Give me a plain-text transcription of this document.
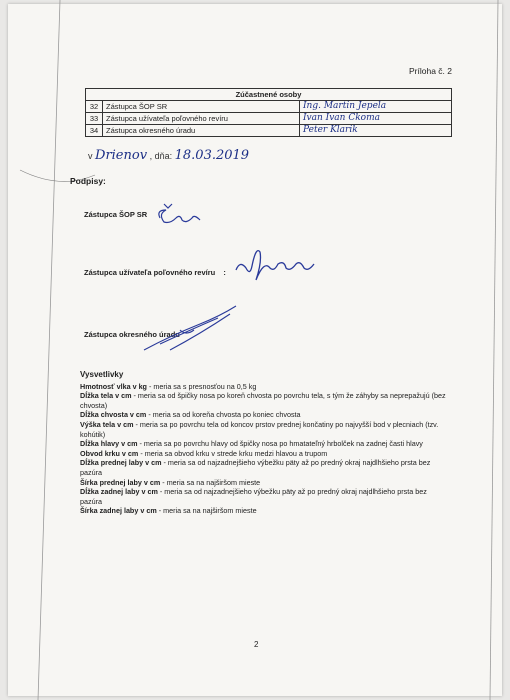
Príloha č. 2
Zúčastnené osoby		
32	Zástupca ŠOP SR	Ing. Martin Jepela
33	Zástupca užívateľa poľovného revíru	Ivan Ivan Ckoma
34	Zástupca okresného úradu	Peter Klarik
v Drienov , dňa: 18.03.2019
Podpisy:
Zástupca ŠOP SR
Zástupca užívateľa poľovného revíru :
Zástupca okresného úradu
Vysvetlivky

Hmotnosť vlka v kg - meria sa s presnosťou na 0,5 kg

Dĺžka tela v cm - meria sa od špičky nosa po koreň chvosta po povrchu tela, s tým že záhyby sa neprepažujú (bez chvosta)

Dĺžka chvosta v cm - meria sa od koreňa chvosta po koniec chvosta

Výška tela v cm - meria sa po povrchu tela od koncov prstov prednej končatiny po najvyšší bod v plecniach (tzv. kohútik)

Dĺžka hlavy v cm - meria sa po povrchu hlavy od špičky nosa po hmatateľný hrbolček na zadnej časti hlavy

Obvod krku v cm - meria sa obvod krku v strede krku medzi hlavou a trupom

Dĺžka prednej laby v cm - meria sa od najzadnejšieho výbežku päty až po predný okraj najdlhšieho prsta bez pazúra

Šírka prednej laby v cm - meria sa na najširšom mieste

Dĺžka zadnej laby v cm - meria sa od najzadnejšieho výbežku päty až po predný okraj najdlhšieho prsta bez pazúra

Šírka zadnej laby v cm - meria sa na najširšom mieste

2
